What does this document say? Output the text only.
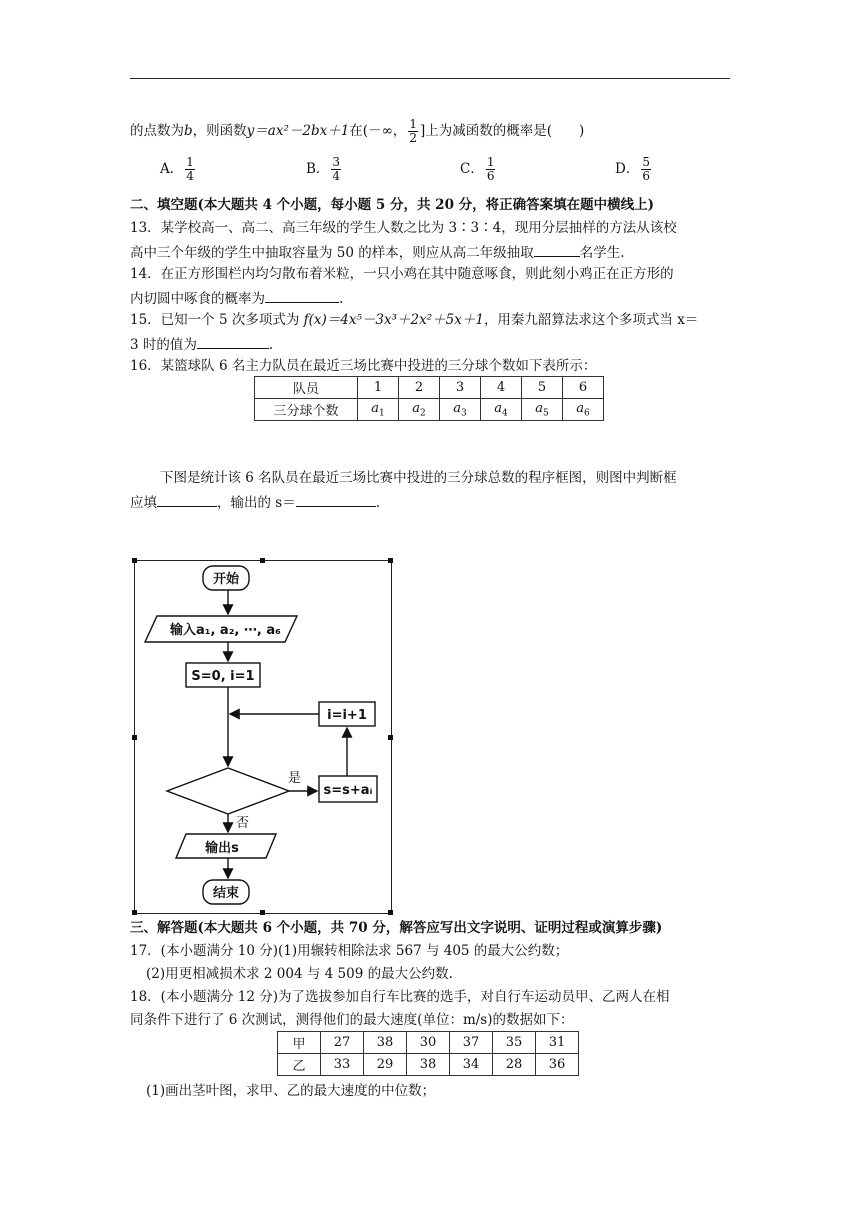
的点数为b，则函数y＝ax²－2bx＋1在(－∞， $\frac{1}{2}$ ]上为减函数的概率是(　　)
A． $\frac{1}{4}$	B． $\frac{3}{4}$	C． $\frac{1}{6}$	D． $\frac{5}{6}$
二、填空题(本大题共 4 个小题，每小题 5 分，共 20 分，将正确答案填在题中横线上)
13．某学校高一、高二、高三年级的学生人数之比为 3∶3∶4，现用分层抽样的方法从该校
高中三个年级的学生中抽取容量为 50 的样本，则应从高二年级抽取	名学生.
14．在正方形围栏内均匀散布着米粒，一只小鸡在其中随意啄食，则此刻小鸡正在正方形的
内切圆中啄食的概率为	.
15．已知一个 5 次多项式为 f(x)＝4x⁵－3x³＋2x²＋5x＋1，用秦九韶算法求这个多项式当 x＝
3 时的值为	.
16．某篮球队 6 名主力队员在最近三场比赛中投进的三分球个数如下表所示：
队员	1	2	3	4	5	6
三分球个数	$a_1$	$a_2$	$a_3$	$a_4$	$a_5$	$a_6$
下图是统计该 6 名队员在最近三场比赛中投进的三分球总数的程序框图，则图中判断框
应填	，输出的 s＝	.
开始
输入a₁, a₂, ⋯, a₆
S=0, i=1
i=i+1
s=s+aᵢ
输出s
结束
是
否
三、解答题(本大题共 6 个小题，共 70 分，解答应写出文字说明、证明过程或演算步骤)
17．(本小题满分 10 分)(1)用辗转相除法求 567 与 405 的最大公约数；
(2)用更相减损术求 2 004 与 4 509 的最大公约数.
18．(本小题满分 12 分)为了选拔参加自行车比赛的选手，对自行车运动员甲、乙两人在相
同条件下进行了 6 次测试，测得他们的最大速度(单位：m/s)的数据如下：
甲	27	38	30	37	35	31
乙	33	29	38	34	28	36
(1)画出茎叶图，求甲、乙的最大速度的中位数；
